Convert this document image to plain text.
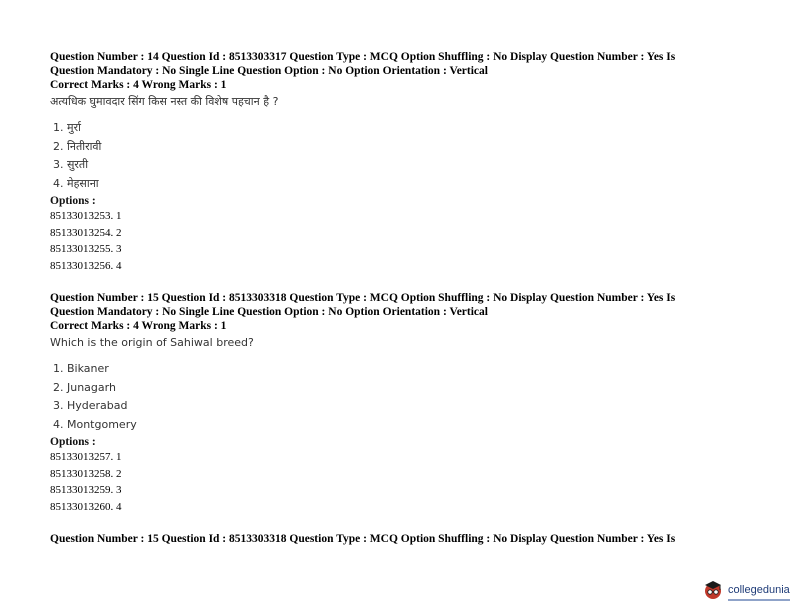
Question Number : 14 Question Id : 8513303317 Question Type : MCQ Option Shuffling : No Display Question Number : Yes Is
Question Mandatory : No Single Line Question Option : No Option Orientation : Vertical
Correct Marks : 4 Wrong Marks : 1
अत्यधिक घुमावदार सिंग किस नस्त की विशेष पहचान है ?
1. मुर्रा
2. नितीरावी
3. सुरती
4. मेहसाना
Options :
85133013253. 1
85133013254. 2
85133013255. 3
85133013256. 4
Question Number : 15 Question Id : 8513303318 Question Type : MCQ Option Shuffling : No Display Question Number : Yes Is
Question Mandatory : No Single Line Question Option : No Option Orientation : Vertical
Correct Marks : 4 Wrong Marks : 1
Which is the origin of Sahiwal breed?
1. Bikaner
2. Junagarh
3. Hyderabad
4. Montgomery
Options :
85133013257. 1
85133013258. 2
85133013259. 3
85133013260. 4
Question Number : 15 Question Id : 8513303318 Question Type : MCQ Option Shuffling : No Display Question Number : Yes Is
collegedunia
